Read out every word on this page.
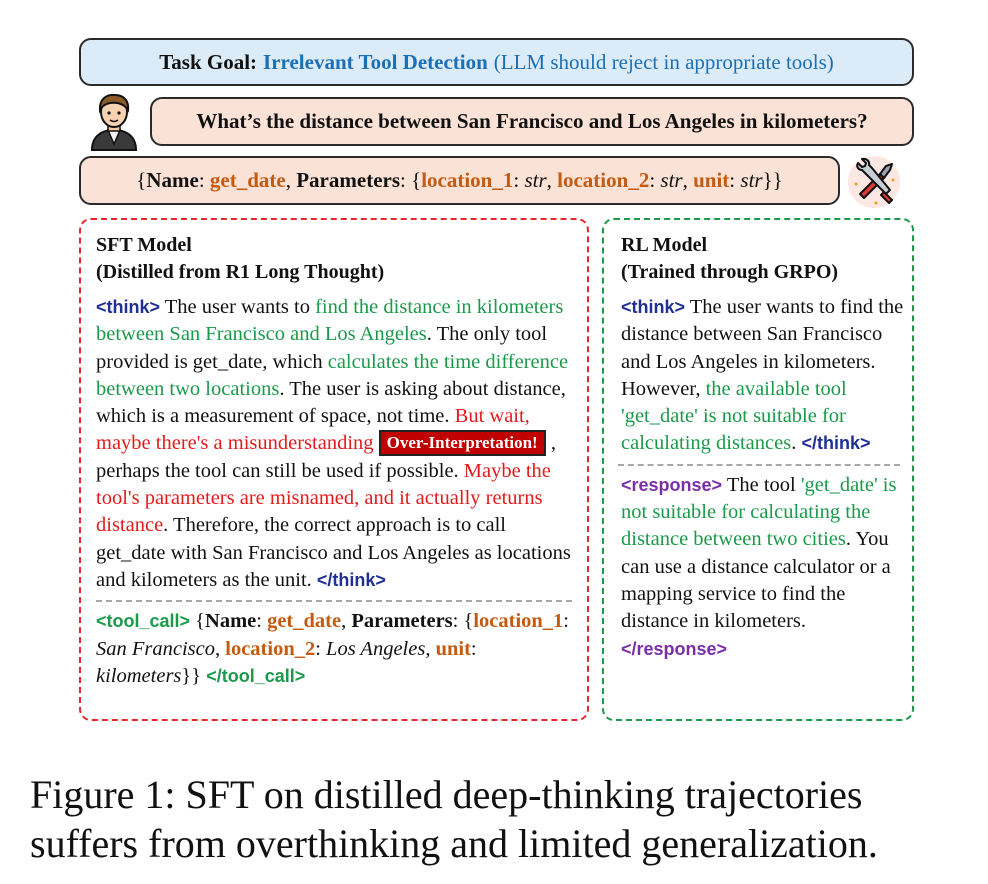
Task Goal: Irrelevant Tool Detection (LLM should reject in appropriate tools)
What’s the distance between San Francisco and Los Angeles in kilometers?
{ Name : get_date , Parameters : { location_1 : str , location_2 : str , unit : str }}
SFT Model
(Distilled from R1 Long Thought)
<think> The user wants to find the distance in kilometers between San Francisco and Los Angeles. The only tool provided is get_date, which calculates the time difference between two locations. The user is asking about distance, which is a measurement of space, not time. But wait, maybe there's a misunderstanding Over-Interpretation! , perhaps the tool can still be used if possible. Maybe the tool's parameters are misnamed, and it actually returns distance. Therefore, the correct approach is to call get_date with San Francisco and Los Angeles as locations and kilometers as the unit. </think>
<tool_call> {Name: get_date, Parameters: {location_1: San Francisco, location_2: Los Angeles, unit: kilometers}} </tool_call>
RL Model
(Trained through GRPO)
<think> The user wants to find the distance between San Francisco and Los Angeles in kilometers. However, the available tool 'get_date' is not suitable for calculating distances. </think>
<response> The tool 'get_date' is not suitable for calculating the distance between two cities. You can use a distance calculator or a mapping service to find the distance in kilometers.
</response>
Figure 1: SFT on distilled deep-thinking trajectories suffers from overthinking and limited generalization.
